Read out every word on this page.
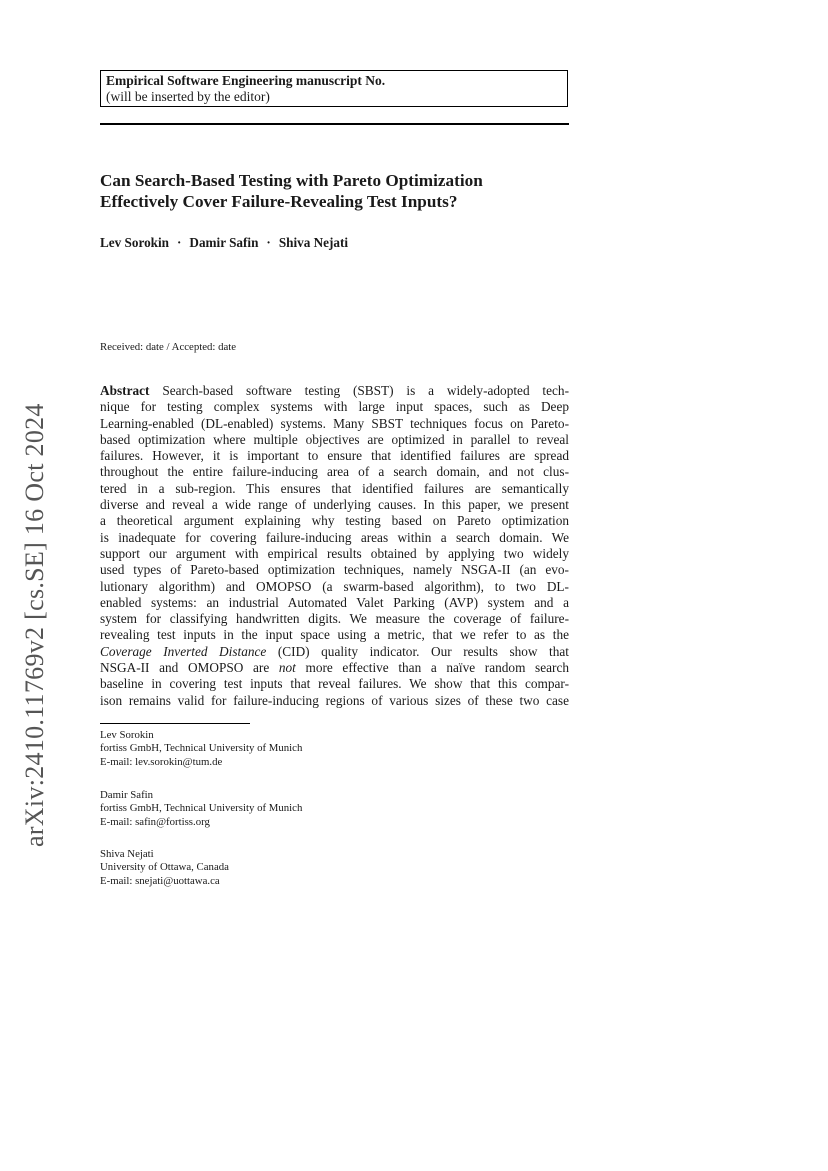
Empirical Software Engineering manuscript No.
(will be inserted by the editor)
Can Search-Based Testing with Pareto Optimization
Effectively Cover Failure-Revealing Test Inputs?
Lev Sorokin · Damir Safin · Shiva Nejati
Received: date / Accepted: date
Abstract Search-based software testing (SBST) is a widely-adopted tech-
nique for testing complex systems with large input spaces, such as Deep
Learning-enabled (DL-enabled) systems. Many SBST techniques focus on Pareto-
based optimization where multiple objectives are optimized in parallel to reveal
failures. However, it is important to ensure that identified failures are spread
throughout the entire failure-inducing area of a search domain, and not clus-
tered in a sub-region. This ensures that identified failures are semantically
diverse and reveal a wide range of underlying causes. In this paper, we present
a theoretical argument explaining why testing based on Pareto optimization
is inadequate for covering failure-inducing areas within a search domain. We
support our argument with empirical results obtained by applying two widely
used types of Pareto-based optimization techniques, namely NSGA-II (an evo-
lutionary algorithm) and OMOPSO (a swarm-based algorithm), to two DL-
enabled systems: an industrial Automated Valet Parking (AVP) system and a
system for classifying handwritten digits. We measure the coverage of failure-
revealing test inputs in the input space using a metric, that we refer to as the
Coverage Inverted Distance (CID) quality indicator. Our results show that
NSGA-II and OMOPSO are not more effective than a naïve random search
baseline in covering test inputs that reveal failures. We show that this compar-
ison remains valid for failure-inducing regions of various sizes of these two case
Lev Sorokin
fortiss GmbH, Technical University of Munich
E-mail: lev.sorokin@tum.de
Damir Safin
fortiss GmbH, Technical University of Munich
E-mail: safin@fortiss.org
Shiva Nejati
University of Ottawa, Canada
E-mail: snejati@uottawa.ca
arXiv:2410.11769v2 [cs.SE] 16 Oct 2024
